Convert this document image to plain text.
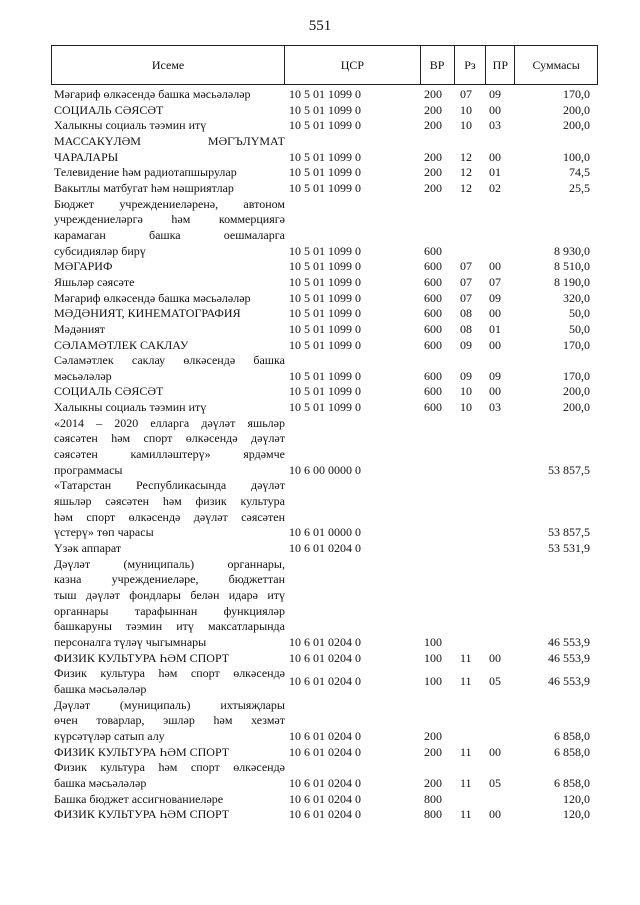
551
Исеме	ЦСР	ВР	Рз	ПР	Суммасы
Мәгариф өлкәсендә башка мәсьәләләр	10 5 01 1099 0	200	07	09	170,0
СОЦИАЛЬ СӘЯСӘТ	10 5 01 1099 0	200	10	00	200,0
Халыкны социаль тәэмин итү	10 5 01 1099 0	200	10	03	200,0
МАССАКҮЛӘМ МӘГЪЛҮМАТ
ЧАРАЛАРЫ	10 5 01 1099 0	200	12	00	100,0
Телевидение һәм радиотапшырулар	10 5 01 1099 0	200	12	01	74,5
Вакытлы матбугат һәм нәшриятлар	10 5 01 1099 0	200	12	02	25,5
Бюджет учреждениеләренә, автоном
учреждениеләргә һәм коммерциягә
карамаган башка оешмаларга
субсидияләр бирү	10 5 01 1099 0	600	8 930,0
МӘГАРИФ	10 5 01 1099 0	600	07	00	8 510,0
Яшьләр сәясәте	10 5 01 1099 0	600	07	07	8 190,0
Мәгариф өлкәсендә башка мәсьәләләр	10 5 01 1099 0	600	07	09	320,0
МӘДӘНИЯТ, КИНЕМАТОГРАФИЯ	10 5 01 1099 0	600	08	00	50,0
Мәдәният	10 5 01 1099 0	600	08	01	50,0
СӘЛАМӘТЛЕК САКЛАУ	10 5 01 1099 0	600	09	00	170,0
Сәламәтлек саклау өлкәсендә башка
мәсьәләләр	10 5 01 1099 0	600	09	09	170,0
СОЦИАЛЬ СӘЯСӘТ	10 5 01 1099 0	600	10	00	200,0
Халыкны социаль тәэмин итү	10 5 01 1099 0	600	10	03	200,0
«2014 – 2020 елларга дәүләт яшьләр
сәясәтен һәм спорт өлкәсендә дәүләт
сәясәтен камилләштерү» ярдәмче
программасы	10 6 00 0000 0	53 857,5
«Татарстан Республикасында дәүләт
яшьләр сәясәтен һәм физик культура
һәм спорт өлкәсендә дәүләт сәясәтен
үстерү» төп чарасы	10 6 01 0000 0	53 857,5
Үзәк аппарат	10 6 01 0204 0	53 531,9
Дәүләт (муниципаль) органнары,
казна учреждениеләре, бюджеттан
тыш дәүләт фондлары белән идарә итү
органнары тарафыннан функцияләр
башкаруны тәэмин итү максатларында
персоналга түләү чыгымнары	10 6 01 0204 0	100	46 553,9
ФИЗИК КУЛЬТУРА ҺӘМ СПОРТ	10 6 01 0204 0	100	11	00	46 553,9
Физик культура һәм спорт өлкәсендә
башка мәсьәләләр
10 6 01 0204 0	100	11	05	46 553,9
Дәүләт (муниципаль) ихтыяҗлары
өчен товарлар, эшләр һәм хезмәт
күрсәтүләр сатып алу	10 6 01 0204 0	200	6 858,0
ФИЗИК КУЛЬТУРА ҺӘМ СПОРТ	10 6 01 0204 0	200	11	00	6 858,0
Физик культура һәм спорт өлкәсендә
башка мәсьәләләр	10 6 01 0204 0	200	11	05	6 858,0
Башка бюджет ассигнованиеләре	10 6 01 0204 0	800	120,0
ФИЗИК КУЛЬТУРА ҺӘМ СПОРТ	10 6 01 0204 0	800	11	00	120,0
